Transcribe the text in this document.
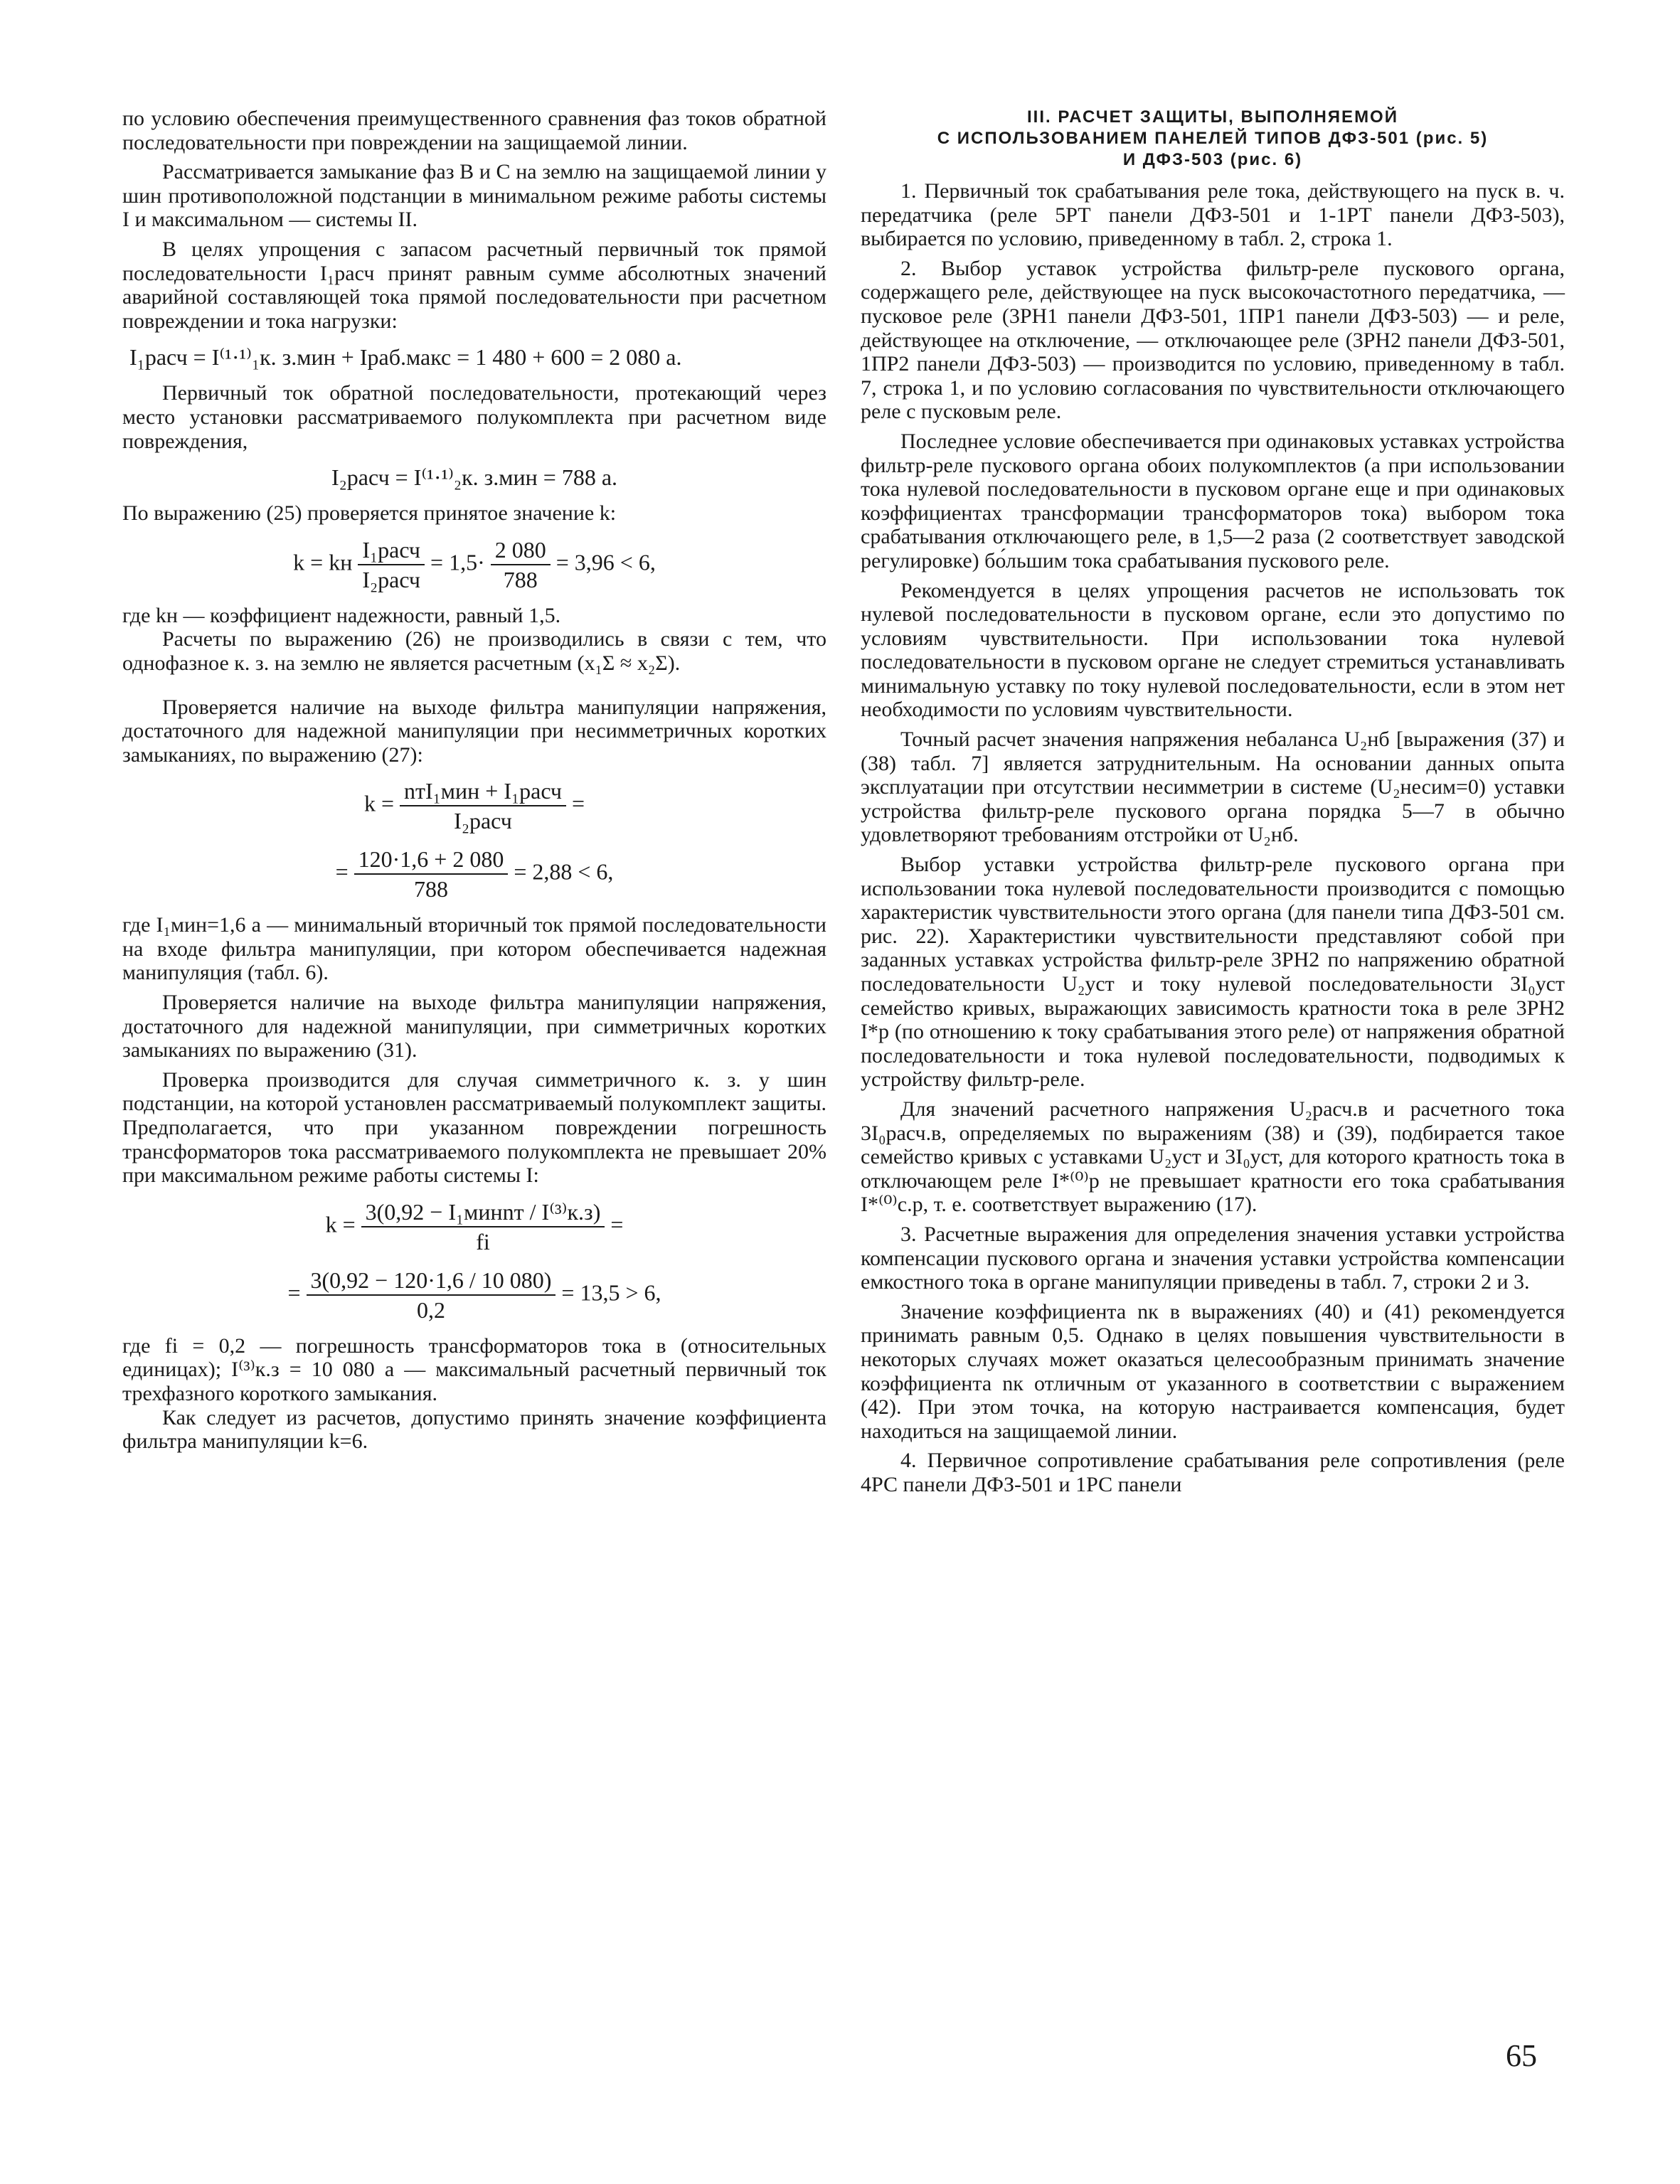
по условию обеспечения преимущественного сравнения фаз токов обратной последовательности при повреждении на защищаемой линии.

Рассматривается замыкание фаз B и C на землю на защищаемой линии у шин противоположной подстанции в минимальном режиме работы системы I и максимальном — системы II.

В целях упрощения с запасом расчетный первичный ток прямой последовательности I₁расч принят равным сумме абсолютных значений аварийной составляющей тока прямой последовательности при расчетном повреждении и тока нагрузки:

I₁расч = I⁽¹·¹⁾₁к. з.мин + Iраб.макс = 1 480 + 600 = 2 080 а.

Первичный ток обратной последовательности, протекающий через место установки рассматриваемого полукомплекта при расчетном виде повреждения,

I₂расч = I⁽¹·¹⁾₂к. з.мин = 788 а.

По выражению (25) проверяется принятое значение k:

k = kн $\frac{\text{I₁расч}}{\text{I₂расч}} = 1,5\cdot \frac{2 080}{788} = 3,96 < 6$,

где kн — коэффициент надежности, равный 1,5.

Расчеты по выражению (26) не производились в связи с тем, что однофазное к. з. на землю не является расчетным (x₁Σ ≈ x₂Σ).

Проверяется наличие на выходе фильтра манипуляции напряжения, достаточного для надежной манипуляции при несимметричных коротких замыканиях, по выражению (27):

$k = \frac{\text{nтI₁мин + I₁расч}}{\text{I₂расч}}$ =
= $\frac{120\cdot 1,6 + 2 080}{788} = 2,88 < 6$,

где I₁мин=1,6 а — минимальный вторичный ток прямой последовательности на входе фильтра манипуляции, при котором обеспечивается надежная манипуляция (табл. 6).

Проверяется наличие на выходе фильтра манипуляции напряжения, достаточного для надежной манипуляции, при симметричных коротких замыканиях по выражению (31).

Проверка производится для случая симметричного к. з. у шин подстанции, на которой установлен рассматриваемый полукомплект защиты. Предполагается, что при указанном повреждении погрешность трансформаторов тока рассматриваемого полукомплекта не превышает 20% при максимальном режиме работы системы I:

$k = \frac{\text{3(0,92 − I₁минnт / I⁽³⁾к.з)}}{fi}$ =
= $\frac{3(0,92 - 120\cdot 1,6 / 10 080)}{0,2} = 13,5 > 6$,

где fi = 0,2 — погрешность трансформаторов тока в (относительных единицах); I⁽³⁾к.з = 10 080 а — максимальный расчетный первичный ток трехфазного короткого замыкания.

Как следует из расчетов, допустимо принять значение коэффициента фильтра манипуляции k=6.

III. РАСЧЕТ ЗАЩИТЫ, ВЫПОЛНЯЕМОЙ
С ИСПОЛЬЗОВАНИЕМ ПАНЕЛЕЙ ТИПОВ ДФЗ-501 (рис. 5)
И ДФЗ-503 (рис. 6)

1. Первичный ток срабатывания реле тока, действующего на пуск в. ч. передатчика (реле 5РТ панели ДФЗ-501 и 1-1РТ панели ДФЗ-503), выбирается по условию, приведенному в табл. 2, строка 1.

2. Выбор уставок устройства фильтр-реле пускового органа, содержащего реле, действующее на пуск высокочастотного передатчика, — пусковое реле (3РН1 панели ДФЗ-501, 1ПР1 панели ДФЗ-503) — и реле, действующее на отключение, — отключающее реле (3РН2 панели ДФЗ-501, 1ПР2 панели ДФЗ-503) — производится по условию, приведенному в табл. 7, строка 1, и по условию согласования по чувствительности отключающего реле с пусковым реле.

Последнее условие обеспечивается при одинаковых уставках устройства фильтр-реле пускового органа обоих полукомплектов (а при использовании тока нулевой последовательности в пусковом органе еще и при одинаковых коэффициентах трансформации трансформаторов тока) выбором тока срабатывания отключающего реле, в 1,5—2 раза (2 соответствует заводской регулировке) бо́льшим тока срабатывания пускового реле.

Рекомендуется в целях упрощения расчетов не использовать ток нулевой последовательности в пусковом органе, если это допустимо по условиям чувствительности. При использовании тока нулевой последовательности в пусковом органе не следует стремиться устанавливать минимальную уставку по току нулевой последовательности, если в этом нет необходимости по условиям чувствительности.

Точный расчет значения напряжения небаланса U₂нб [выражения (37) и (38) табл. 7] является затруднительным. На основании данных опыта эксплуатации при отсутствии несимметрии в системе (U₂несим=0) уставки устройства фильтр-реле пускового органа порядка 5—7 в обычно удовлетворяют требованиям отстройки от U₂нб.

Выбор уставки устройства фильтр-реле пускового органа при использовании тока нулевой последовательности производится с помощью характеристик чувствительности этого органа (для панели типа ДФЗ-501 см. рис. 22). Характеристики чувствительности представляют собой при заданных уставках устройства фильтр-реле 3РН2 по напряжению обратной последовательности U₂уст и току нулевой последовательности 3I₀уст семейство кривых, выражающих зависимость кратности тока в реле 3РН2 I*р (по отношению к току срабатывания этого реле) от напряжения обратной последовательности и тока нулевой последовательности, подводимых к устройству фильтр-реле.

Для значений расчетного напряжения U₂расч.в и расчетного тока 3I₀расч.в, определяемых по выражениям (38) и (39), подбирается такое семейство кривых с уставками U₂уст и 3I₀уст, для которого кратность тока в отключающем реле I*⁽⁰⁾р не превышает кратности его тока срабатывания I*⁽⁰⁾с.р, т. е. соответствует выражению (17).

3. Расчетные выражения для определения значения уставки устройства компенсации пускового органа и значения уставки устройства компенсации емкостного тока в органе манипуляции приведены в табл. 7, строки 2 и 3.

Значение коэффициента nк в выражениях (40) и (41) рекомендуется принимать равным 0,5. Однако в целях повышения чувствительности в некоторых случаях может оказаться целесообразным принимать значение коэффициента nк отличным от указанного в соответствии с выражением (42). При этом точка, на которую настраивается компенсация, будет находиться на защищаемой линии.

4. Первичное сопротивление срабатывания реле сопротивления (реле 4РС панели ДФЗ-501 и 1РС панели

65
